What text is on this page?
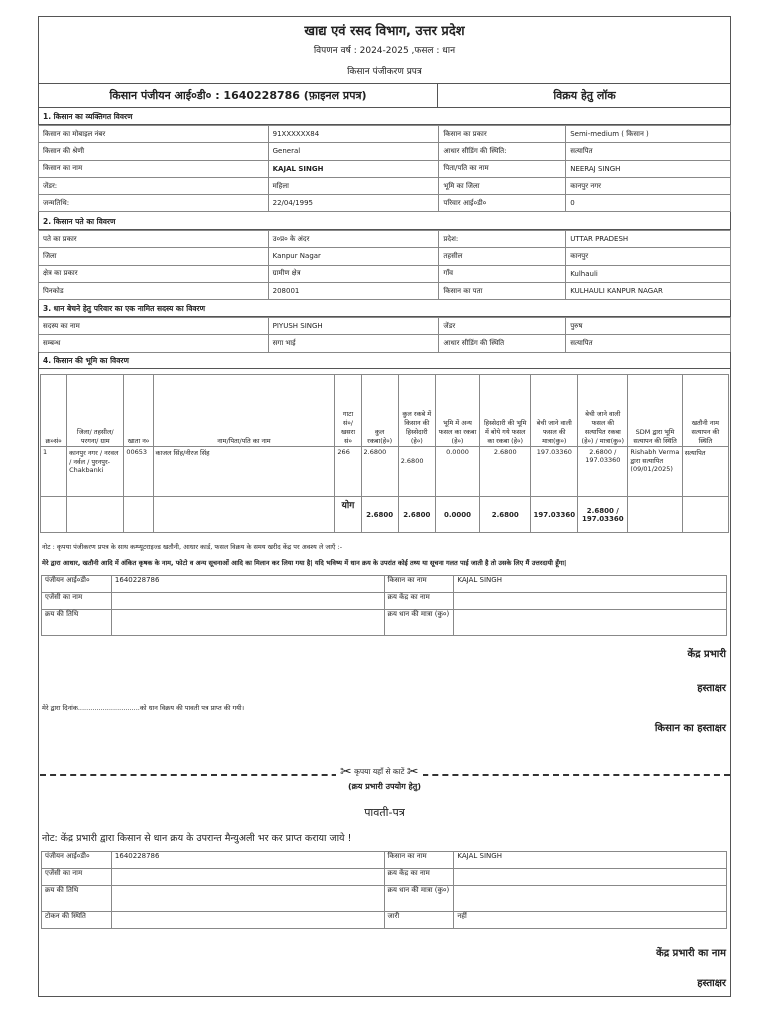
खाद्य एवं रसद विभाग, उत्तर प्रदेश
विपणन वर्ष : 2024-2025 ,फसल : धान
किसान पंजीकरण प्रपत्र
किसान पंजीयन आई०डी० : 1640228786 (फ़ाइनल प्रपत्र)	विक्रय हेतु लॉक
1. किसान का व्यक्तिगत विवरण
किसान का मोबाइल नंबर	91XXXXXX84	किसान का प्रकार	Semi-medium ( किसान )
किसान की श्रेणी	General	आधार सीडिंग की स्थिति:	सत्यापित
किसान का नाम	KAJAL SINGH	पिता/पति का नाम	NEERAJ SINGH
जेंडर:	महिला	भूमि का जिला	कानपुर नगर
जन्मतिथि:	22/04/1995	परिवार आई०डी०	0
2. किसान पते का विवरण
पते का प्रकार	उ०प्र० के अंदर	प्रदेश:	UTTAR PRADESH
जिला	Kanpur Nagar	तहसील	कानपुर
क्षेत्र का प्रकार	ग्रामीण क्षेत्र	गाँव	Kulhauli
पिनकोड	208001	किसान का पता	KULHAULI KANPUR NAGAR
3. धान बेचने हेतु परिवार का एक नामित सदस्य का विवरण
सदस्य का नाम	PIYUSH SINGH	जेंडर	पुरुष
सम्बन्ध	सगा भाई	आधार सीडिंग की स्थिति	सत्यापित
4. किसान की भूमि का विवरण
क्र०सं०	जिला/ तहसील/ परगना/ ग्राम	खाता न०	नाम/पिता/पति का नाम	गाटा सं०/ खसरा सं०	कुल रकबा(हे०)	कुल रकबे में किसान की हिस्सेदारी (हे०)	भूमि में अन्य फसल का रकबा (हे०)	हिस्सेदारी की भूमि में बोये गये फसल का रकबा (हे०)	बेची जाने वाली फसल की मात्रा(कु०)	बेची जाने वाली फसल की सत्यापित रकबा (हे०) / मात्रा(कु०)	SDM द्वारा भूमि सत्यापन की स्थिति	खतौनी नाम सत्यापन की स्थिति
1	कानपुर नगर / नरवल / नर्वल / पुरनपुर-Chakbanki	00653	काजल सिंह/नीरज सिंह	266	2.6800	2.6800	0.0000	2.6800	197.03360	2.6800 / 197.03360	Rishabh Verma द्वारा सत्यापित (09/01/2025)	सत्यापित
				योग	2.6800	2.6800	0.0000	2.6800	197.03360	2.6800 / 197.03360		
नोट : कृपया पंजीकरण प्रपत्र के साथ कम्प्यूटराइज्ड खतौनी, आधार कार्ड, फसल विक्रय के समय खरीद केंद्र पर अवश्य ले जाएँ :-
मेरे द्वारा आधार, खतौनी आदि में अंकित कृषक के नाम, फोटो व अन्य सूचनाओं आदि का मिलान कर लिया गया है| यदि भविष्य में धान क्रय के उपरांत कोई तथ्य या सूचना गलत पाई जाती है तो उसके लिए मैं उत्तरदायी हूँगा|
पंजीयन आई०डी०	1640228786	किसान का नाम	KAJAL SINGH
एजेंसी का नाम		क्रय केंद्र का नाम	
क्रय की तिथि		क्रय धान की मात्रा (कु०)	
केंद्र प्रभारी
हस्ताक्षर
मेरे द्वारा दिनांक..............................को धान विक्रय की पावती पत्र प्राप्त की गयी।
किसान का हस्ताक्षर
✂ कृपया यहाँ से काटें ✂
(क्रय प्रभारी उपयोग हेतु)
पावती-पत्र
नोट: केंद्र प्रभारी द्वारा किसान से धान क्रय के उपरान्त मैन्युअली भर कर प्राप्त कराया जाये !
पंजीयन आई०डी०	1640228786	किसान का नाम	KAJAL SINGH
एजेंसी का नाम		क्रय केंद्र का नाम	
क्रय की तिथि		क्रय धान की मात्रा (कु०)	
टोकन की स्थिति		जारी	नहीं
केंद्र प्रभारी का नाम
हस्ताक्षर
